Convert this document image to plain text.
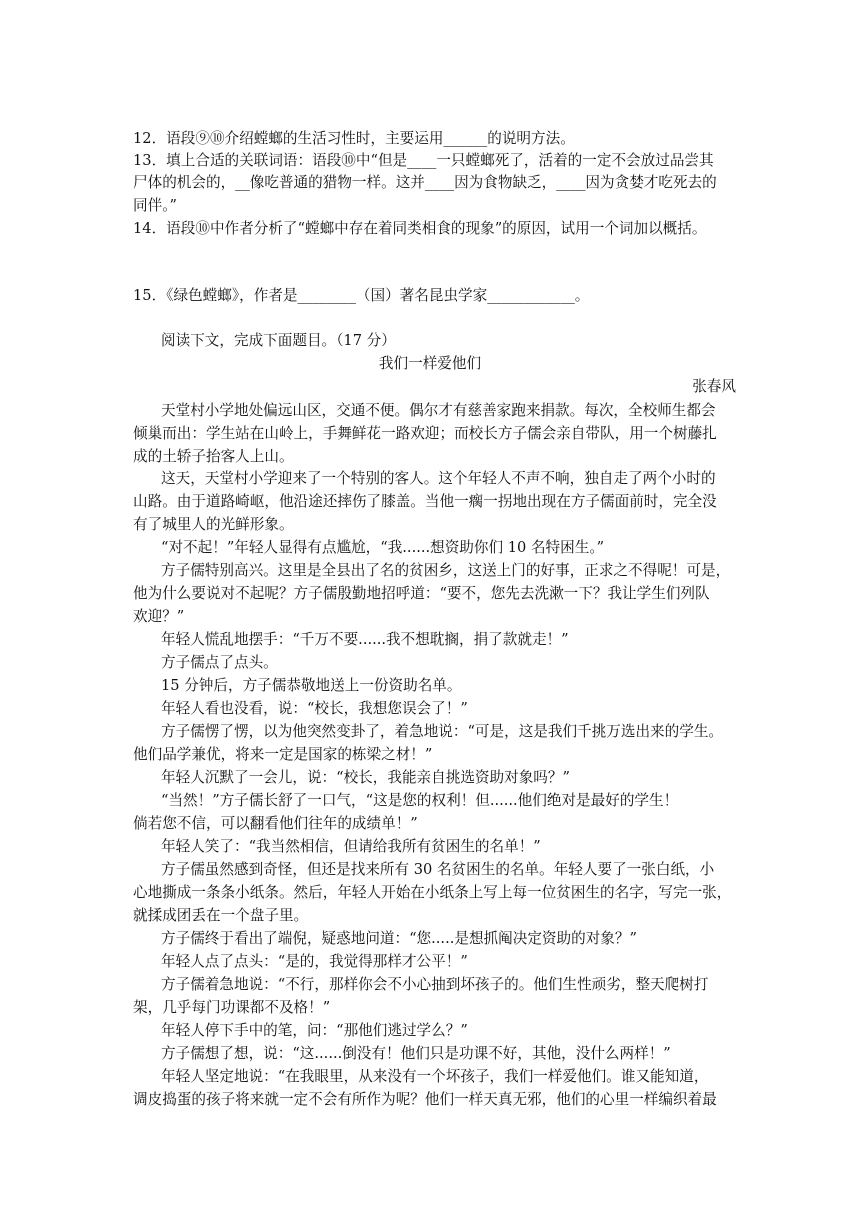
12．语段⑨⑩介绍螳螂的生活习性时，主要运用______的说明方法。
13．填上合适的关联词语：语段⑩中“但是____一只螳螂死了，活着的一定不会放过品尝其
尸体的机会的，__像吃普通的猎物一样。这并____因为食物缺乏，____因为贪婪才吃死去的
同伴。”
14．语段⑩中作者分析了“螳螂中存在着同类相食的现象”的原因，试用一个词加以概括。
15．《绿色螳螂》，作者是________（国）著名昆虫学家____________。
阅读下文，完成下面题目。（17 分）
我们一样爱他们
张春风
天堂村小学地处偏远山区，交通不便。偶尔才有慈善家跑来捐款。每次，全校师生都会
倾巢而出：学生站在山岭上，手舞鲜花一路欢迎；而校长方子儒会亲自带队，用一个树藤扎
成的土轿子抬客人上山。
这天，天堂村小学迎来了一个特别的客人。这个年轻人不声不响，独自走了两个小时的
山路。由于道路崎岖，他沿途还摔伤了膝盖。当他一瘸一拐地出现在方子儒面前时，完全没
有了城里人的光鲜形象。
“对不起！”年轻人显得有点尴尬，“我......想资助你们 10 名特困生。”
方子儒特别高兴。这里是全县出了名的贫困乡，这送上门的好事，正求之不得呢！可是，
他为什么要说对不起呢？方子儒殷勤地招呼道：“要不，您先去洗漱一下？我让学生们列队
欢迎？”
年轻人慌乱地摆手：“千万不要......我不想耽搁，捐了款就走！”
方子儒点了点头。
15 分钟后，方子儒恭敬地送上一份资助名单。
年轻人看也没看，说：“校长，我想您误会了！”
方子儒愣了愣，以为他突然变卦了，着急地说：“可是，这是我们千挑万选出来的学生。
他们品学兼优，将来一定是国家的栋梁之材！”
年轻人沉默了一会儿，说：“校长，我能亲自挑选资助对象吗？”
“当然！”方子儒长舒了一口气，“这是您的权利！但......他们绝对是最好的学生！
倘若您不信，可以翻看他们往年的成绩单！”
年轻人笑了：“我当然相信，但请给我所有贫困生的名单！”
方子儒虽然感到奇怪，但还是找来所有 30 名贫困生的名单。年轻人要了一张白纸，小
心地撕成一条条小纸条。然后，年轻人开始在小纸条上写上每一位贫困生的名字，写完一张，
就揉成团丢在一个盘子里。
方子儒终于看出了端倪，疑惑地问道：“您.....是想抓阄决定资助的对象？”
年轻人点了点头：“是的，我觉得那样才公平！”
方子儒着急地说：“不行，那样你会不小心抽到坏孩子的。他们生性顽劣，整天爬树打
架，几乎每门功课都不及格！”
年轻人停下手中的笔，问：“那他们逃过学么？”
方子儒想了想，说：“这......倒没有！他们只是功课不好，其他，没什么两样！”
年轻人坚定地说：“在我眼里，从来没有一个坏孩子，我们一样爱他们。谁又能知道，
调皮捣蛋的孩子将来就一定不会有所作为呢？他们一样天真无邪，他们的心里一样编织着最
